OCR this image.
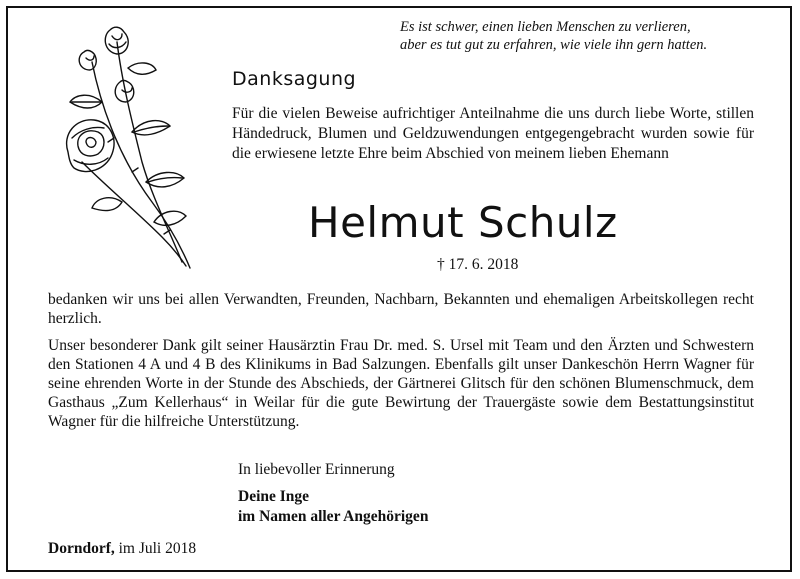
Es ist schwer, einen lieben Menschen zu verlieren,
aber es tut gut zu erfahren, wie viele ihn gern hatten.
Danksagung
Für die vielen Beweise aufrichtiger Anteilnahme die uns durch liebe Worte, stillen Händedruck, Blumen und Geldzuwendungen entgegengebracht wurden sowie für die erwiesene letzte Ehre beim Abschied von meinem lieben Ehemann
Helmut Schulz
† 17. 6. 2018
bedanken wir uns bei allen Verwandten, Freunden, Nachbarn, Bekannten und ehemaligen Arbeitskollegen recht herzlich.
Unser besonderer Dank gilt seiner Hausärztin Frau Dr. med. S. Ursel mit Team und den Ärzten und Schwestern den Stationen 4 A und 4 B des Klinikums in Bad Salzungen. Ebenfalls gilt unser Dankeschön Herrn Wagner für seine ehrenden Worte in der Stunde des Abschieds, der Gärtnerei Glitsch für den schönen Blumenschmuck, dem Gasthaus „Zum Kellerhaus“ in Weilar für die gute Bewirtung der Trauergäste sowie dem Bestattungsinstitut Wagner für die hilfreiche Unterstützung.
In liebevoller Erinnerung
Deine Inge
im Namen aller Angehörigen
Dorndorf, im Juli 2018
